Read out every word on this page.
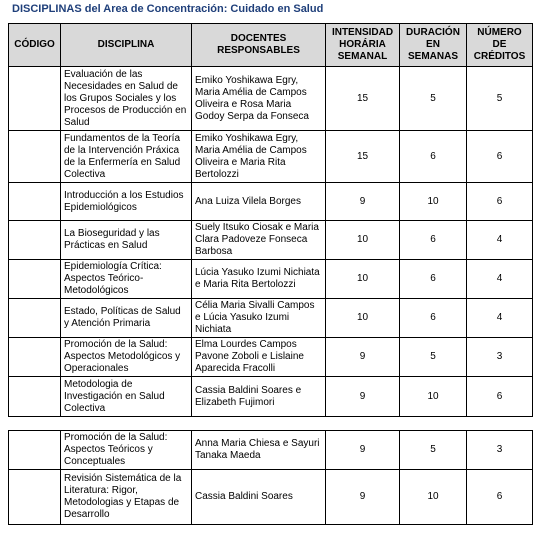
DISCIPLINAS del Area de Concentración: Cuidado en Salud
CÓDIGO	DISCIPLINA	DOCENTES RESPONSABLES	INTENSIDAD HORÁRIA SEMANAL	DURACIÓN EN SEMANAS	NÚMERO DE CRÉDITOS
	Evaluación de las Necesidades en Salud de los Grupos Sociales y los Procesos de Producción en Salud	Emiko Yoshikawa Egry, Maria Amélia de Campos Oliveira e Rosa Maria Godoy Serpa da Fonseca	15	5	5
	Fundamentos de la Teoría de la Intervención Práxica de la Enfermería en Salud Colectiva	Emiko Yoshikawa Egry, Maria Amélia de Campos Oliveira e Maria Rita Bertolozzi	15	6	6
	Introducción a los Estudios Epidemiológicos	Ana Luiza Vilela Borges	9	10	6
	La Bioseguridad y las Prácticas en Salud	Suely Itsuko Ciosak e Maria Clara Padoveze Fonseca Barbosa	10	6	4
	Epidemiología Crítica: Aspectos Teórico-Metodológicos	Lúcia Yasuko Izumi Nichiata e Maria Rita Bertolozzi	10	6	4
	Estado, Políticas de Salud y Atención Primaria	Célia Maria Sivalli Campos e Lúcia Yasuko Izumi Nichiata	10	6	4
	Promoción de la Salud: Aspectos Metodológicos y Operacionales	Elma Lourdes Campos Pavone Zoboli e Lislaine Aparecida Fracolli	9	5	3
	Metodologia de Investigación en Salud Colectiva	Cassia Baldini Soares e Elizabeth Fujimori	9	10	6
	Promoción de la Salud: Aspectos Teóricos y Conceptuales	Anna Maria Chiesa e Sayuri Tanaka Maeda	9	5	3
	Revisión Sistemática de la Literatura: Rigor, Metodologias y Etapas de Desarrollo	Cassia Baldini Soares	9	10	6
